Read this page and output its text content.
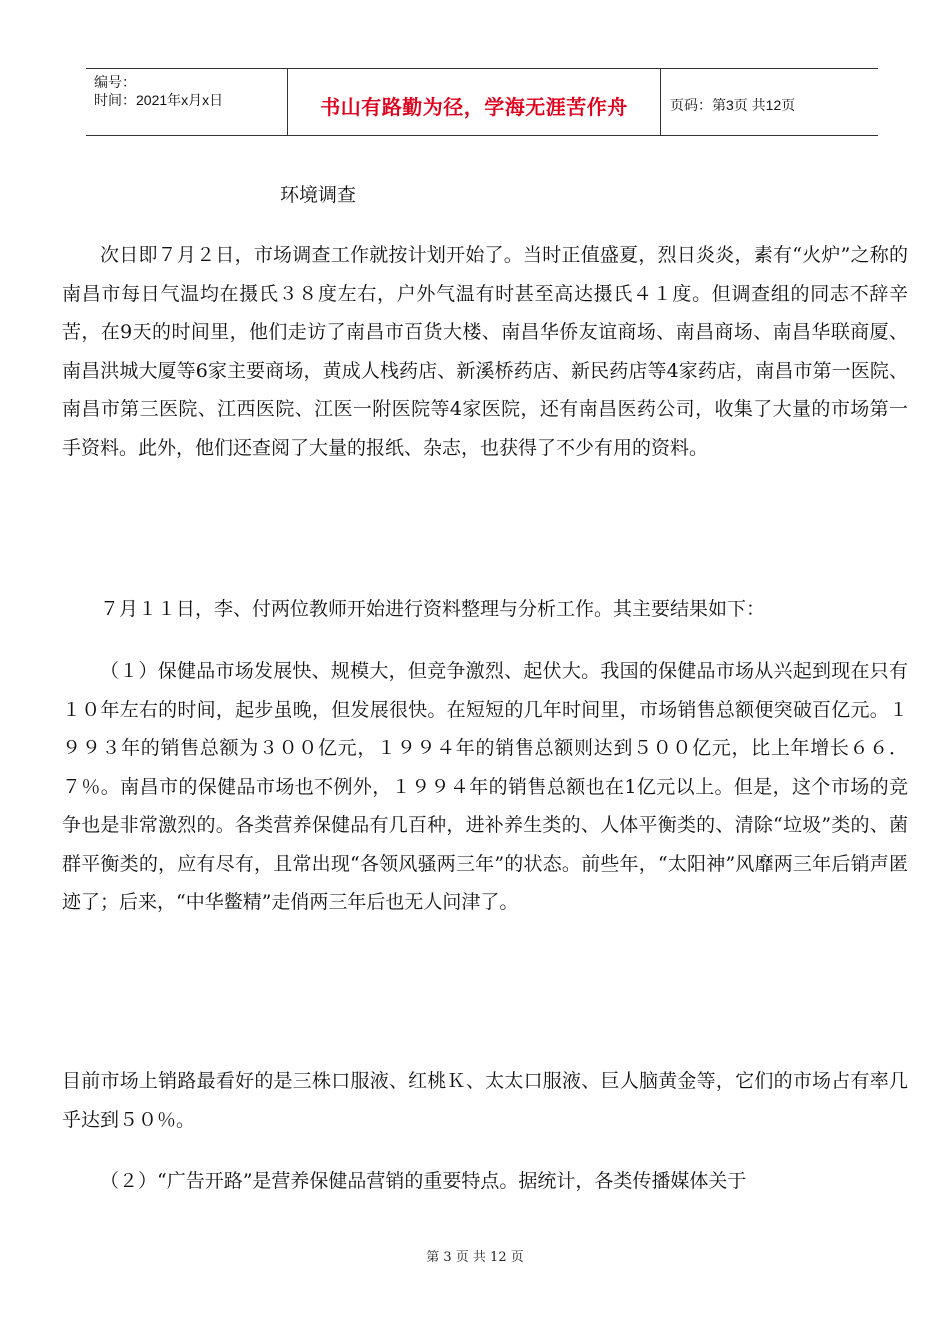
编号：
时间：2021年x月x日	书山有路勤为径，学海无涯苦作舟	页码：第3页 共12页
环境调查

次日即７月２日，市场调查工作就按计划开始了。当时正值盛夏，烈日炎炎，素有“火炉”之称的南昌市每日气温均在摄氏３８度左右，户外气温有时甚至高达摄氏４１度。但调查组的同志不辞辛苦，在9天的时间里，他们走访了南昌市百货大楼、南昌华侨友谊商场、南昌商场、南昌华联商厦、南昌洪城大厦等6家主要商场，黄成人栈药店、新溪桥药店、新民药店等4家药店，南昌市第一医院、南昌市第三医院、江西医院、江医一附医院等4家医院，还有南昌医药公司，收集了大量的市场第一手资料。此外，他们还查阅了大量的报纸、杂志，也获得了不少有用的资料。

７月１１日，李、付两位教师开始进行资料整理与分析工作。其主要结果如下：

（１）保健品市场发展快、规模大，但竞争激烈、起伏大。我国的保健品市场从兴起到现在只有１０年左右的时间，起步虽晚，但发展很快。在短短的几年时间里，市场销售总额便突破百亿元。１９９３年的销售总额为３００亿元，１９９４年的销售总额则达到５００亿元，比上年增长６６．７％。南昌市的保健品市场也不例外，１９９４年的销售总额也在1亿元以上。但是，这个市场的竞争也是非常激烈的。各类营养保健品有几百种，进补养生类的、人体平衡类的、清除“垃圾”类的、菌群平衡类的，应有尽有，且常出现“各领风骚两三年”的状态。前些年，“太阳神”风靡两三年后销声匿迹了；后来，“中华鳖精”走俏两三年后也无人问津了。

目前市场上销路最看好的是三株口服液、红桃Ｋ、太太口服液、巨人脑黄金等，它们的市场占有率几乎达到５０％。

（２）“广告开路”是营养保健品营销的重要特点。据统计，各类传播媒体关于

第 3 页 共 12 页
